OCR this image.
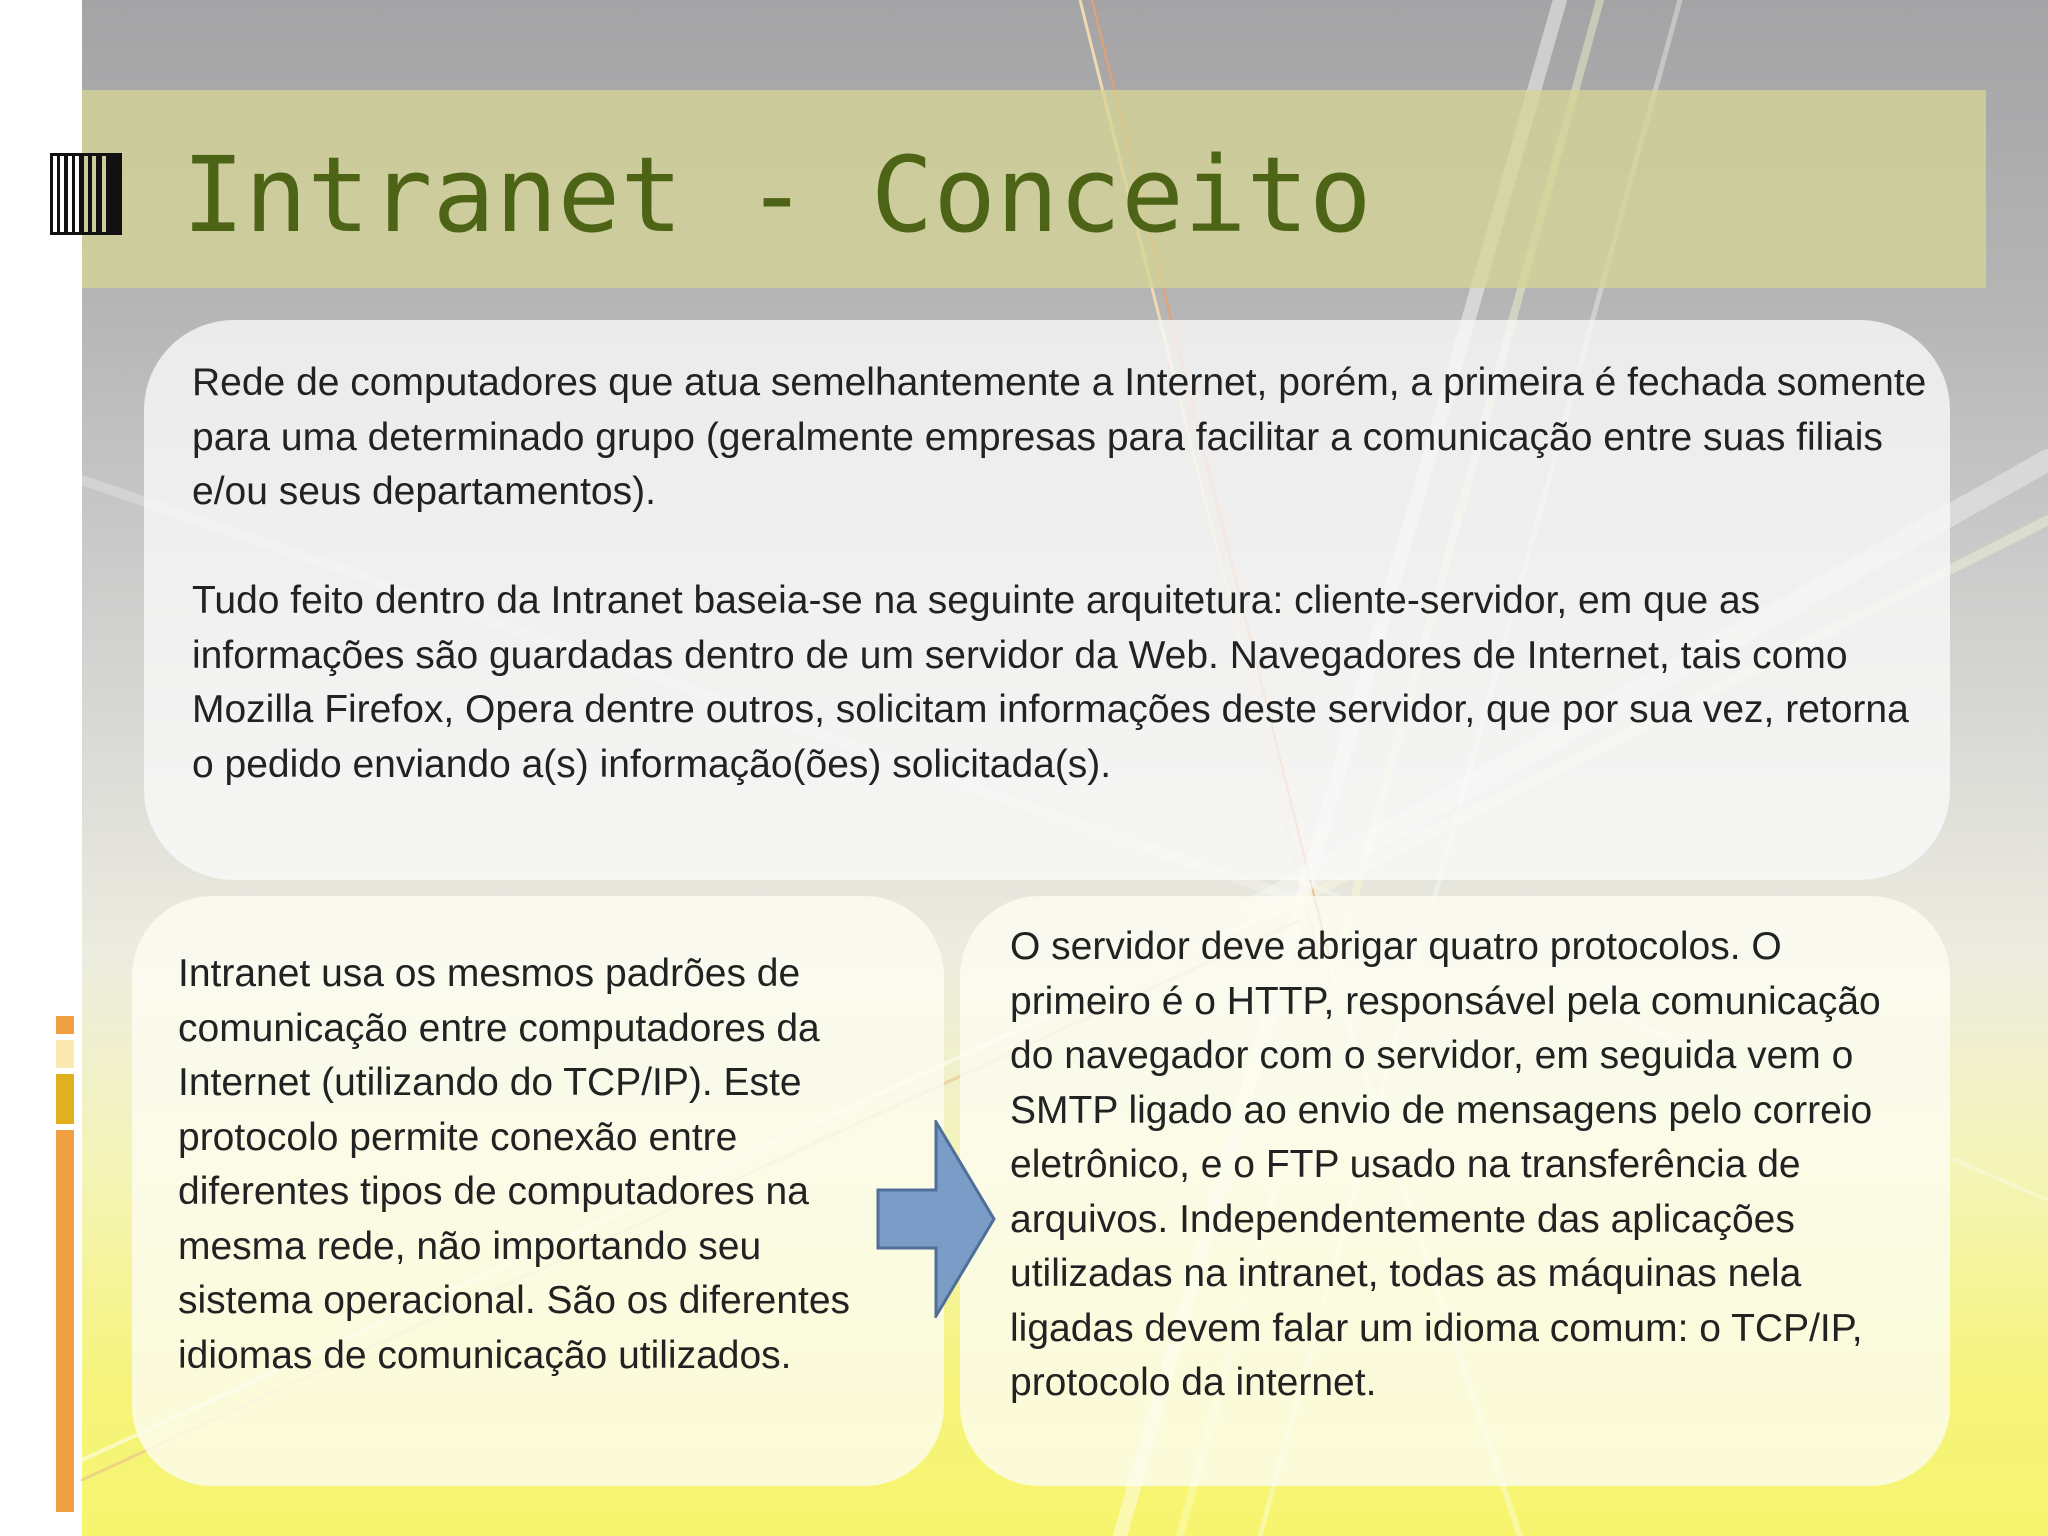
Intranet - Conceito

Rede de computadores que atua semelhantemente a Internet, porém, a primeira é fechada somente para uma determinado grupo (geralmente empresas para facilitar a comunicação entre suas filiais e/ou seus departamentos).

Tudo feito dentro da Intranet baseia-se na seguinte arquitetura: cliente-servidor, em que as informações são guardadas dentro de um servidor da Web. Navegadores de Internet, tais como Mozilla Firefox, Opera dentre outros, solicitam informações deste servidor, que por sua vez, retorna o pedido enviando a(s) informação(ões) solicitada(s).

Intranet usa os mesmos padrões de comunicação entre computadores da Internet (utilizando do TCP/IP). Este protocolo permite conexão entre diferentes tipos de computadores na mesma rede, não importando seu sistema operacional. São os diferentes idiomas de comunicação utilizados.

O servidor deve abrigar quatro protocolos. O primeiro é o HTTP, responsável pela comunicação do navegador com o servidor, em seguida vem o SMTP ligado ao envio de mensagens pelo correio eletrônico, e o FTP usado na transferência de arquivos. Independentemente das aplicações utilizadas na intranet, todas as máquinas nela ligadas devem falar um idioma comum: o TCP/IP, protocolo da internet.
